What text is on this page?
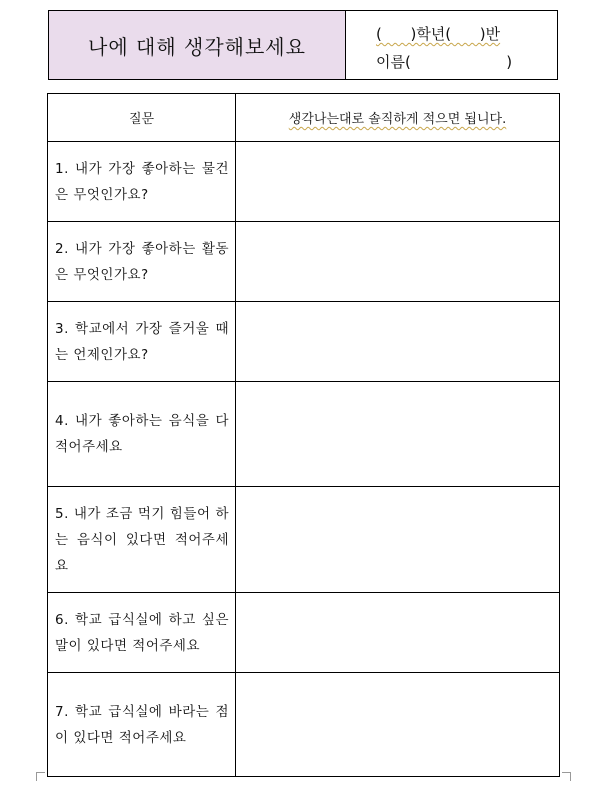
나에 대해 생각해보세요
(      )학년(      )반
이름(                    )
질문	생각나는대로 솔직하게 적으면 됩니다.
1. 내가 가장 좋아하는 물건은 무엇인가요?	
2. 내가 가장 좋아하는 활동은 무엇인가요?	
3. 학교에서 가장 즐거울 때는 언제인가요?	
4. 내가 좋아하는 음식을 다 적어주세요	
5. 내가 조금 먹기 힘들어 하는 음식이 있다면 적어주세요	
6. 학교 급식실에 하고 싶은 말이 있다면 적어주세요	
7. 학교 급식실에 바라는 점이 있다면 적어주세요	
